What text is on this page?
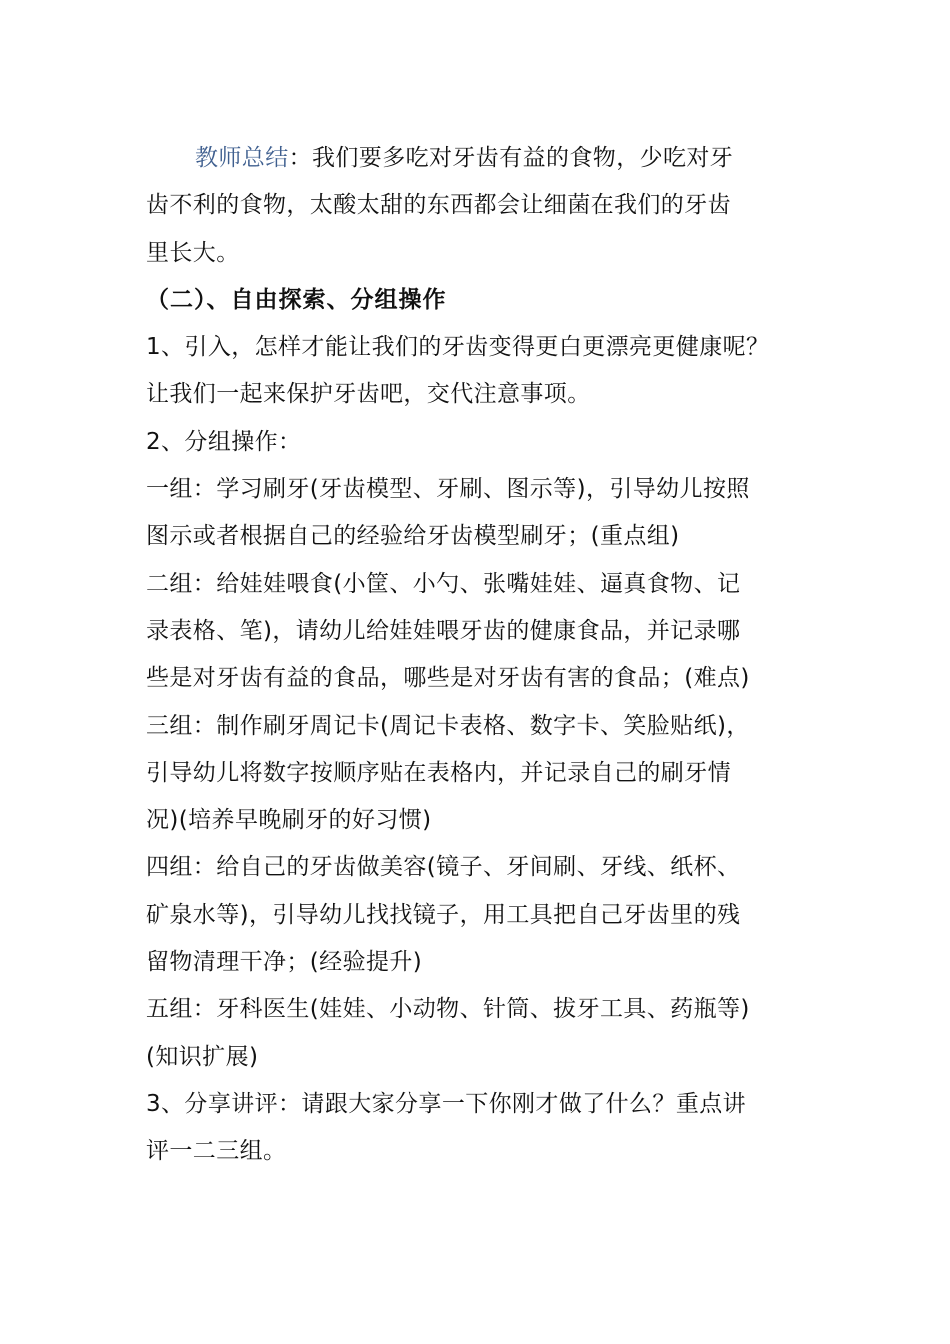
教师总结：我们要多吃对牙齿有益的食物，少吃对牙
齿不利的食物，太酸太甜的东西都会让细菌在我们的牙齿
里长大。
（二）、自由探索、分组操作
1、引入，怎样才能让我们的牙齿变得更白更漂亮更健康呢？
让我们一起来保护牙齿吧，交代注意事项。
2、分组操作：
一组：学习刷牙(牙齿模型、牙刷、图示等)，引导幼儿按照
图示或者根据自己的经验给牙齿模型刷牙；(重点组)
二组：给娃娃喂食(小筐、小勺、张嘴娃娃、逼真食物、记
录表格、笔)，请幼儿给娃娃喂牙齿的健康食品，并记录哪
些是对牙齿有益的食品，哪些是对牙齿有害的食品；(难点)
三组：制作刷牙周记卡(周记卡表格、数字卡、笑脸贴纸)，
引导幼儿将数字按顺序贴在表格内，并记录自己的刷牙情
况)(培养早晚刷牙的好习惯)
四组：给自己的牙齿做美容(镜子、牙间刷、牙线、纸杯、
矿泉水等)，引导幼儿找找镜子，用工具把自己牙齿里的残
留物清理干净；(经验提升)
五组：牙科医生(娃娃、小动物、针筒、拔牙工具、药瓶等)
(知识扩展)
3、分享讲评：请跟大家分享一下你刚才做了什么？重点讲
评一二三组。
